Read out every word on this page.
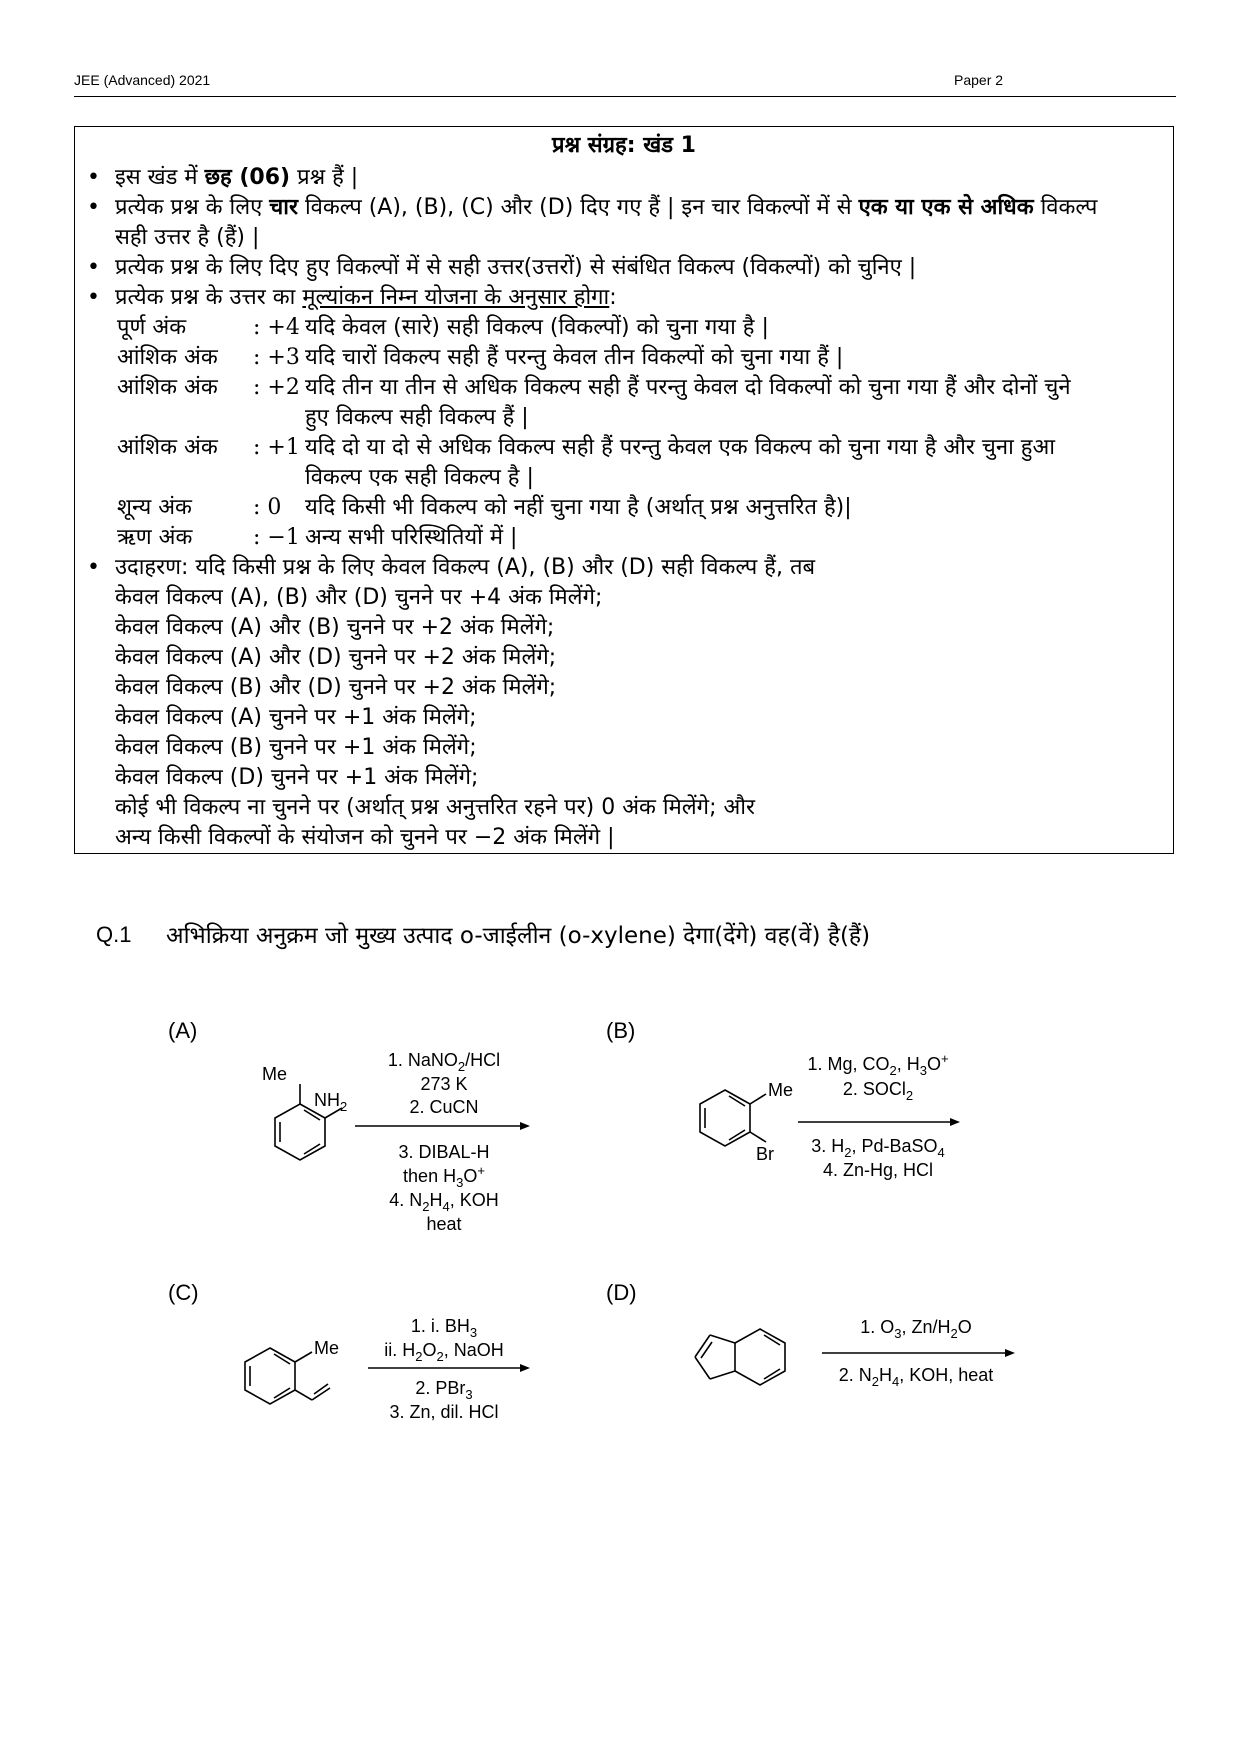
JEE (Advanced) 2021	Paper 2
प्रश्न संग्रह: खंड 1
• इस खंड में छह (06) प्रश्न हैं |
• प्रत्येक प्रश्न के लिए चार विकल्प (A), (B), (C) और (D) दिए गए हैं | इन चार विकल्पों में से एक या एक से अधिक विकल्प
सही उत्तर है (हैं) |
• प्रत्येक प्रश्न के लिए दिए हुए विकल्पों में से सही उत्तर(उत्तरों) से संबंधित विकल्प (विकल्पों) को चुनिए |
• प्रत्येक प्रश्न के उत्तर का मूल्यांकन निम्न योजना के अनुसार होगा:
पूर्ण अंक	: +4 यदि केवल (सारे) सही विकल्प (विकल्पों) को चुना गया है |
आंशिक अंक : +3 यदि चारों विकल्प सही हैं परन्तु केवल तीन विकल्पों को चुना गया हैं |
आंशिक अंक : +2 यदि तीन या तीन से अधिक विकल्प सही हैं परन्तु केवल दो विकल्पों को चुना गया हैं और दोनों चुने
हुए विकल्प सही विकल्प हैं |
आंशिक अंक : +1 यदि दो या दो से अधिक विकल्प सही हैं परन्तु केवल एक विकल्प को चुना गया है और चुना हुआ
विकल्प एक सही विकल्प है |
शून्य अंक	: 0 यदि किसी भी विकल्प को नहीं चुना गया है (अर्थात् प्रश्न अनुत्तरित है)|
ऋण अंक	: −1 अन्य सभी परिस्थितियों में |
• उदाहरण: यदि किसी प्रश्न के लिए केवल विकल्प (A), (B) और (D) सही विकल्प हैं, तब
केवल विकल्प (A), (B) और (D) चुनने पर +4 अंक मिलेंगे;
केवल विकल्प (A) और (B) चुनने पर +2 अंक मिलेंगे;
केवल विकल्प (A) और (D) चुनने पर +2 अंक मिलेंगे;
केवल विकल्प (B) और (D) चुनने पर +2 अंक मिलेंगे;
केवल विकल्प (A) चुनने पर +1 अंक मिलेंगे;
केवल विकल्प (B) चुनने पर +1 अंक मिलेंगे;
केवल विकल्प (D) चुनने पर +1 अंक मिलेंगे;
कोई भी विकल्प ना चुनने पर (अर्थात् प्रश्न अनुत्तरित रहने पर) 0 अंक मिलेंगे; और
अन्य किसी विकल्पों के संयोजन को चुनने पर −2 अंक मिलेंगे |
Q.1 अभिक्रिया अनुक्रम जो मुख्य उत्पाद o-जाईलीन (o-xylene) देगा(देंगे) वह(वें) है(हैं)
(A)	(B)
(C)	(D)
Me
$NH_2$
1. NaNO$_2$/HCl
273 K
2. CuCN
3. DIBAL-H
then $H_3O^+$
4. $N_2H_4$, KOH
heat
Me
Br
1. Mg, $CO_2$, $H_3O^+$
2. SOCl$_2$
3. $H_2$, Pd-BaSO$_4$
4. Zn-Hg, HCl
Me
1. i. $BH_3$
ii. $H_2O_2$, NaOH
2. PBr$_3$
3. Zn, dil. HCl
1. $O_3$, $Zn/H_2O$
2. $N_2H_4$, KOH, heat
